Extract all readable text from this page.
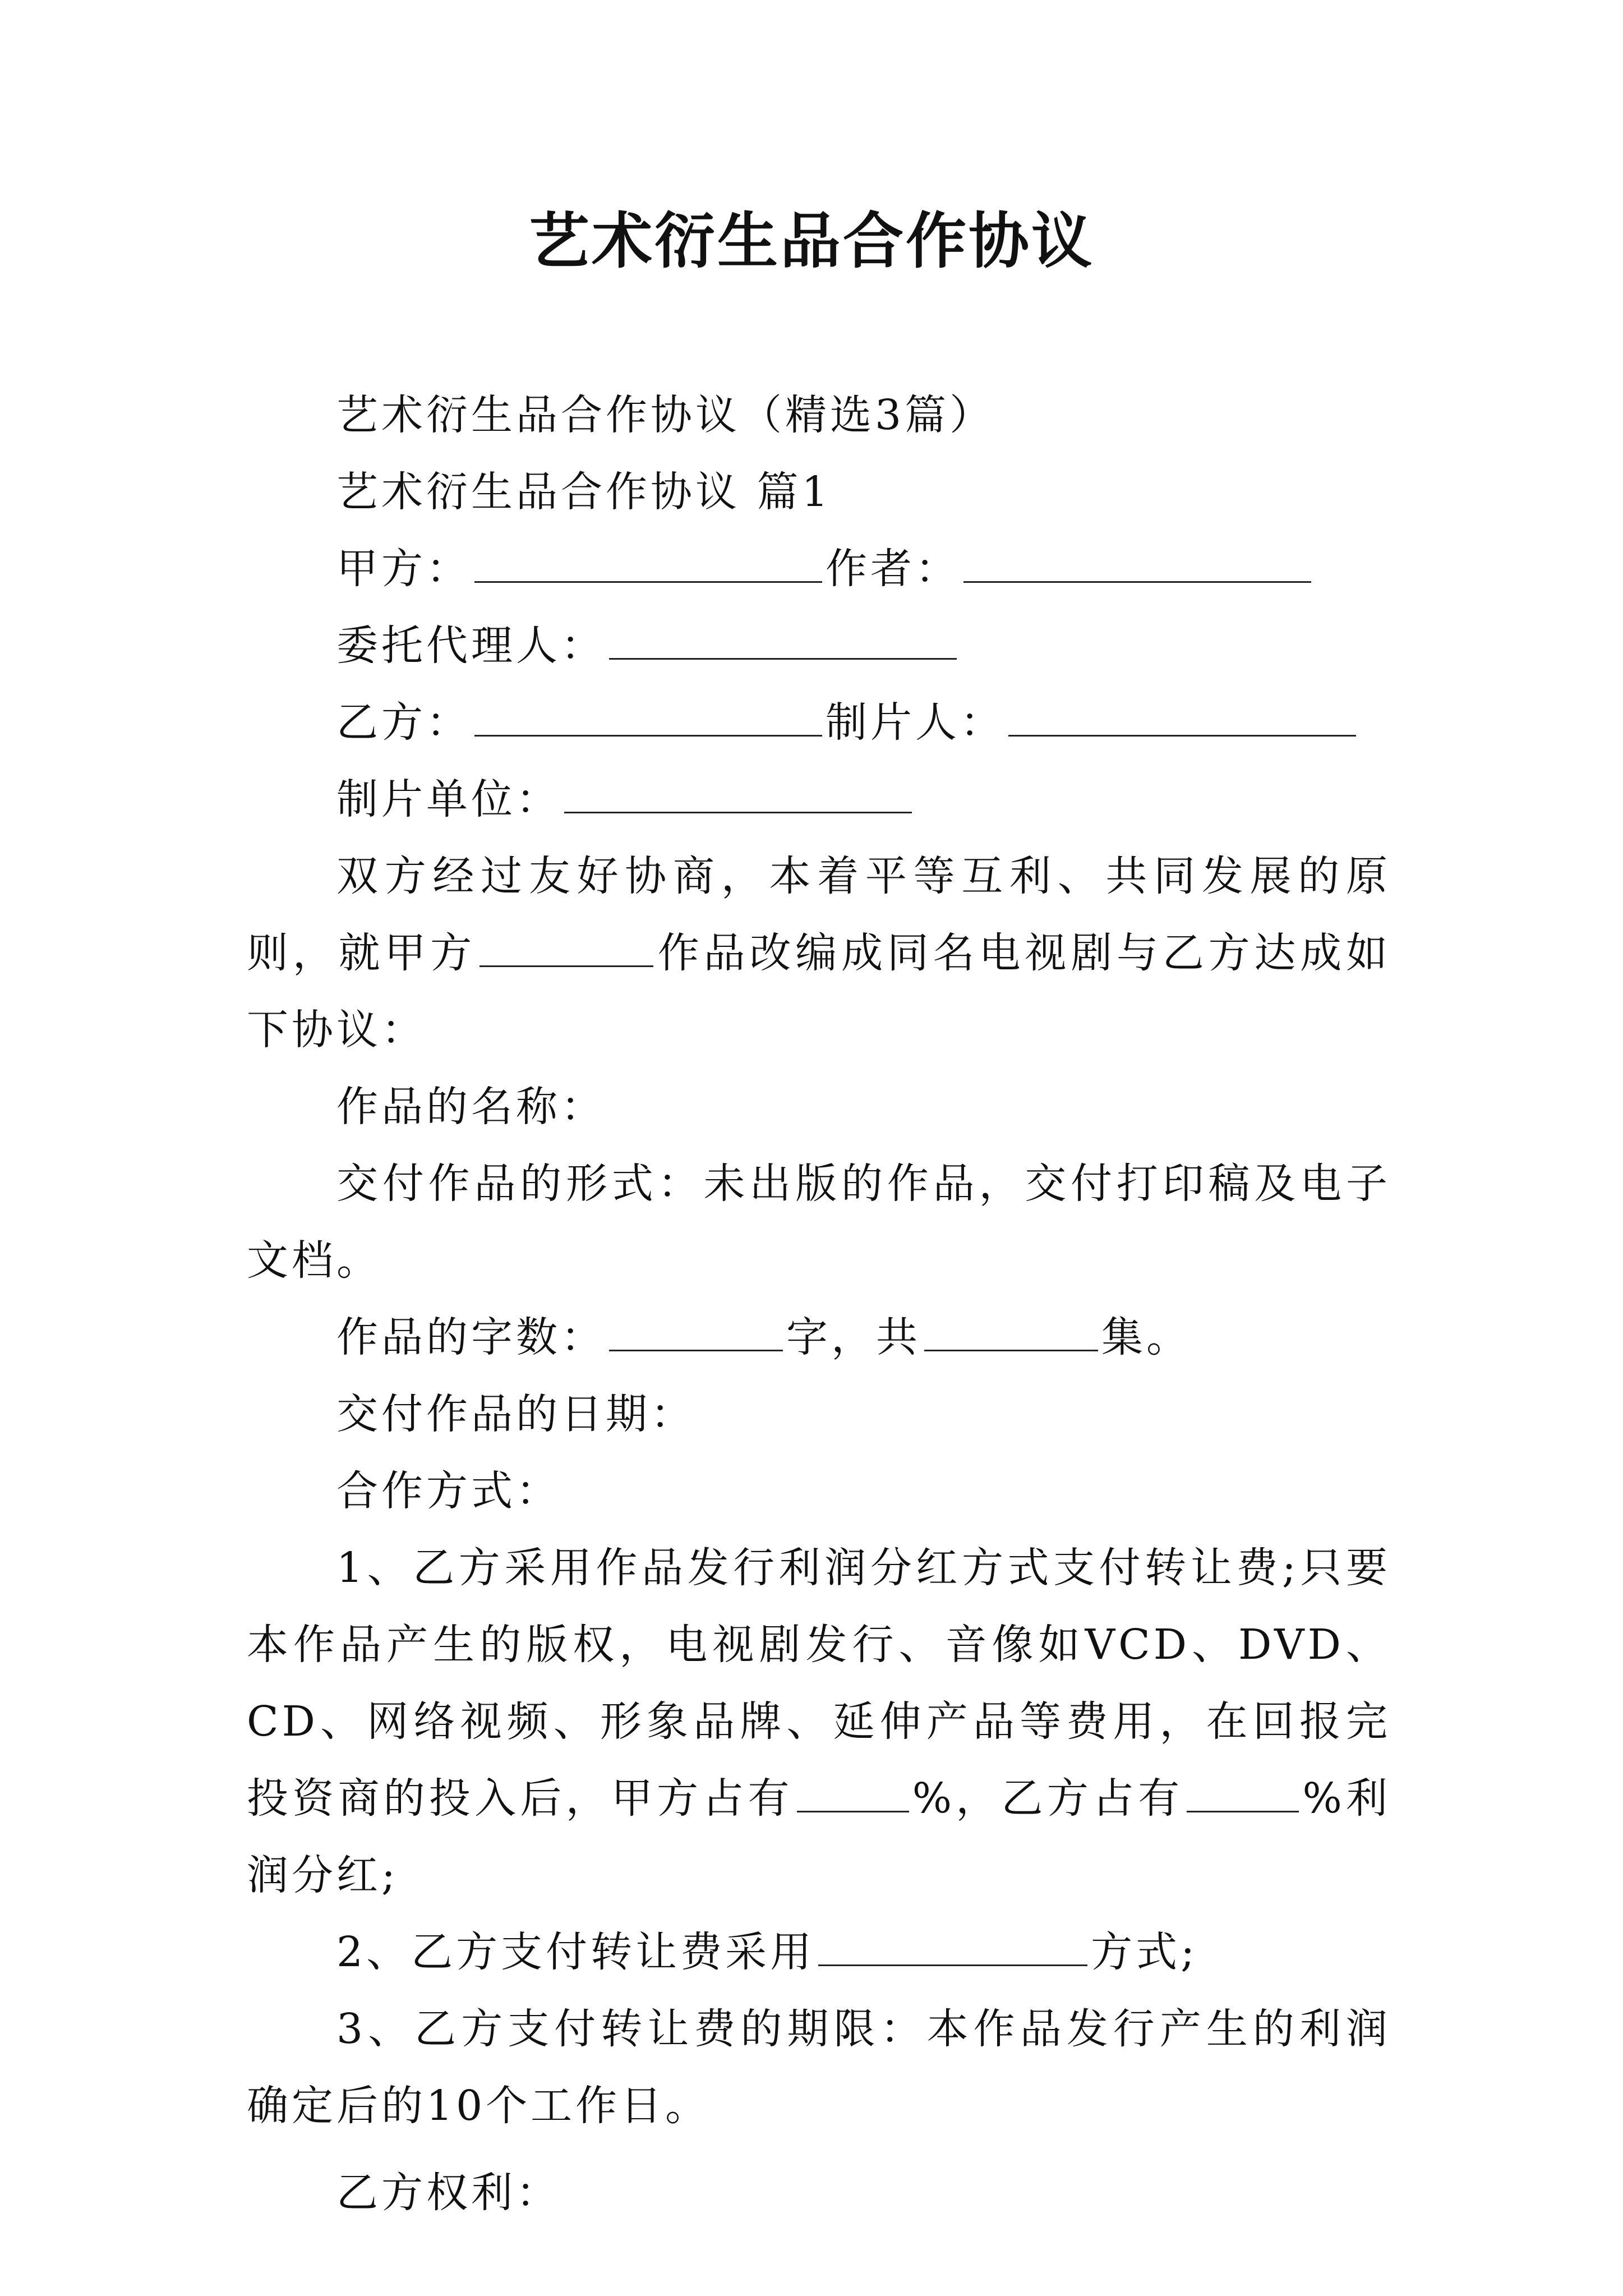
艺术衍生品合作协议

艺术衍生品合作协议（精选3篇）

艺术衍生品合作协议 篇1

甲方：	作者：

委托代理人：

乙方：	制片人：

制片单位：

双方经过友好协商，本着平等互利、共同发展的原则，就甲方	作品改编成同名电视剧与乙方达成如下协议：

作品的名称：

交付作品的形式：未出版的作品，交付打印稿及电子文档。

作品的字数：	字，共	集。

交付作品的日期：

合作方式：

1、乙方采用作品发行利润分红方式支付转让费;只要本作品产生的版权，电视剧发行、音像如VCD、DVD、CD、网络视频、形象品牌、延伸产品等费用，在回报完投资商的投入后，甲方占有	%，乙方占有	%利润分红;

2、乙方支付转让费采用	方式;

3、乙方支付转让费的期限：本作品发行产生的利润确定后的10个工作日。

乙方权利：
